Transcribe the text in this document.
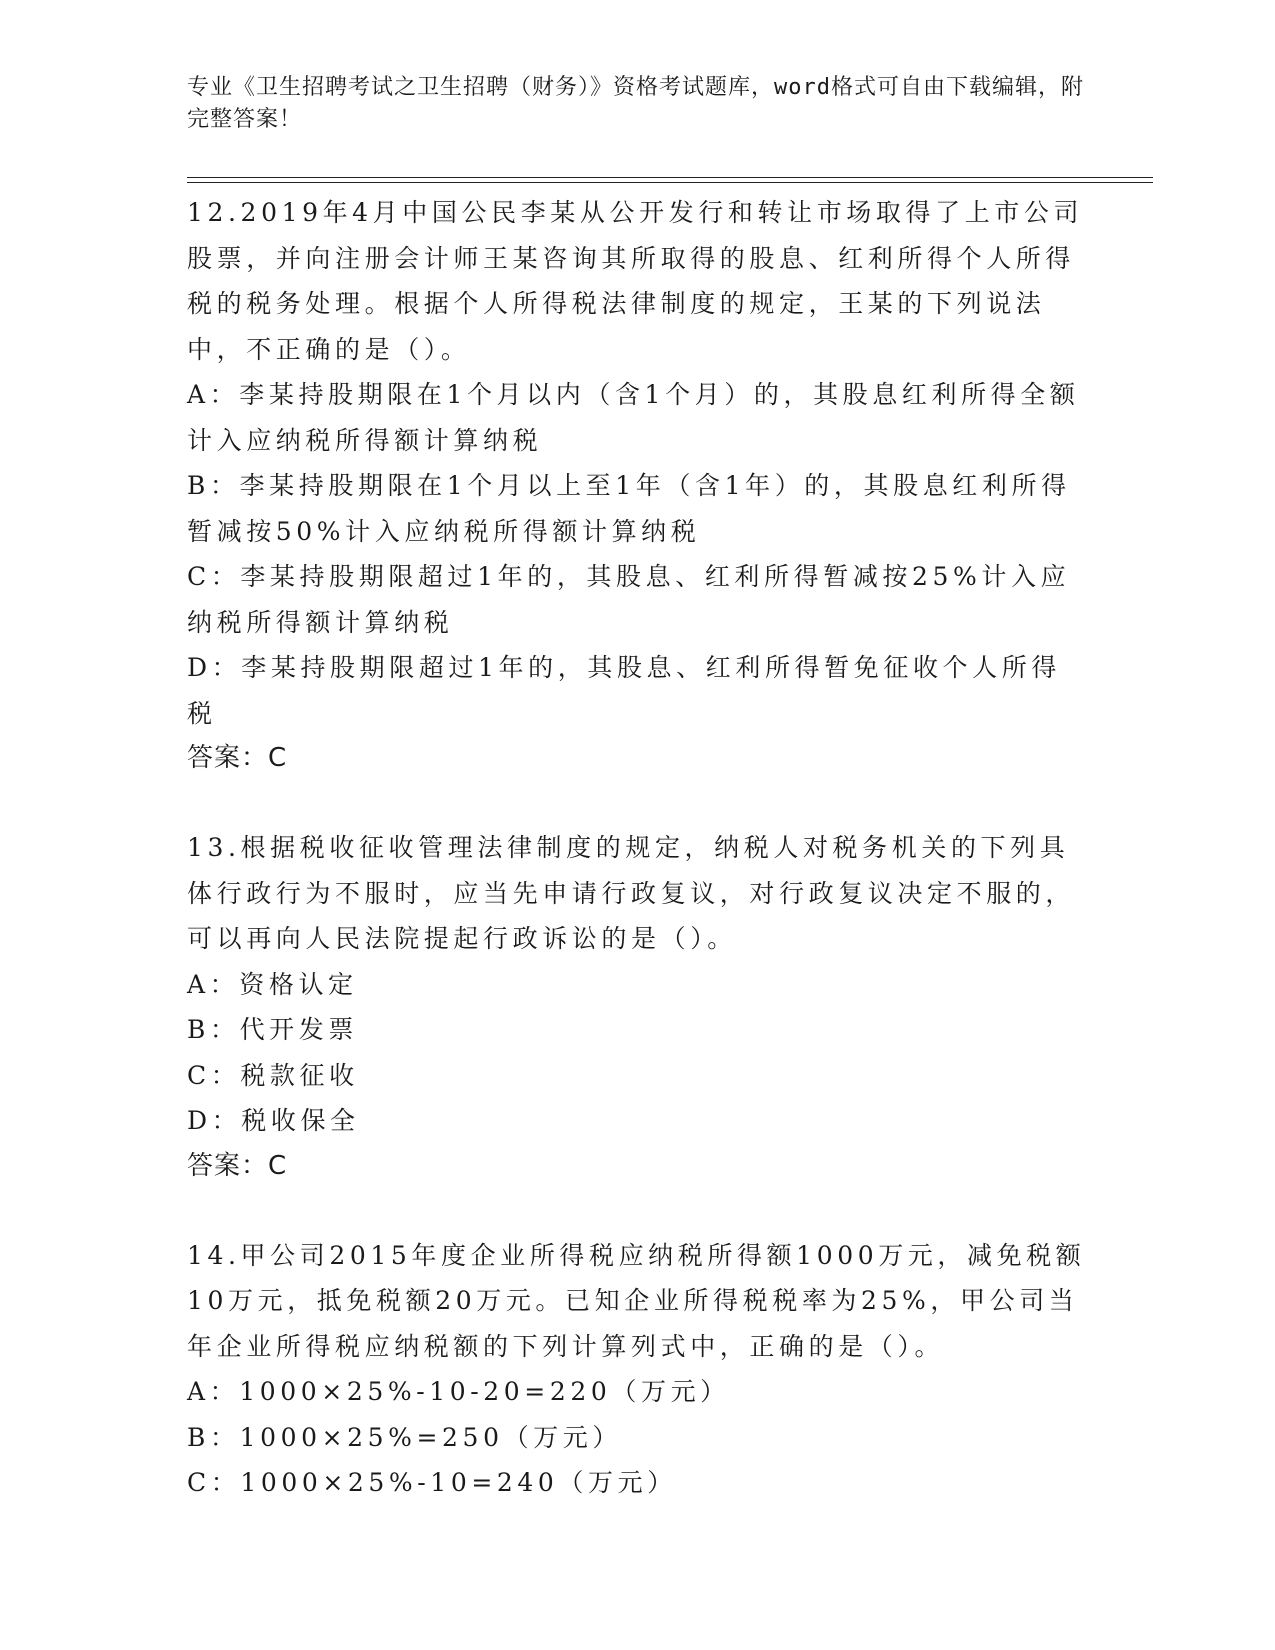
专业《卫生招聘考试之卫生招聘（财务）》资格考试题库，word格式可自由下载编辑，附完整答案！

12.2019年4月中国公民李某从公开发行和转让市场取得了上市公司股票，并向注册会计师王某咨询其所取得的股息、红利所得个人所得税的税务处理。根据个人所得税法律制度的规定，王某的下列说法中，不正确的是（）。

A：李某持股期限在1个月以内（含1个月）的，其股息红利所得全额计入应纳税所得额计算纳税

B：李某持股期限在1个月以上至1年（含1年）的，其股息红利所得暂减按50%计入应纳税所得额计算纳税

C：李某持股期限超过1年的，其股息、红利所得暂减按25%计入应纳税所得额计算纳税

D：李某持股期限超过1年的，其股息、红利所得暂免征收个人所得税

答案：C

13.根据税收征收管理法律制度的规定，纳税人对税务机关的下列具体行政行为不服时，应当先申请行政复议，对行政复议决定不服的，可以再向人民法院提起行政诉讼的是（）。

A：资格认定

B：代开发票

C：税款征收

D：税收保全

答案：C

14.甲公司2015年度企业所得税应纳税所得额1000万元，减免税额10万元，抵免税额20万元。已知企业所得税税率为25%，甲公司当年企业所得税应纳税额的下列计算列式中，正确的是（）。

A：1000×25%-10-20=220（万元）

B：1000×25%=250（万元）

C：1000×25%-10=240（万元）
